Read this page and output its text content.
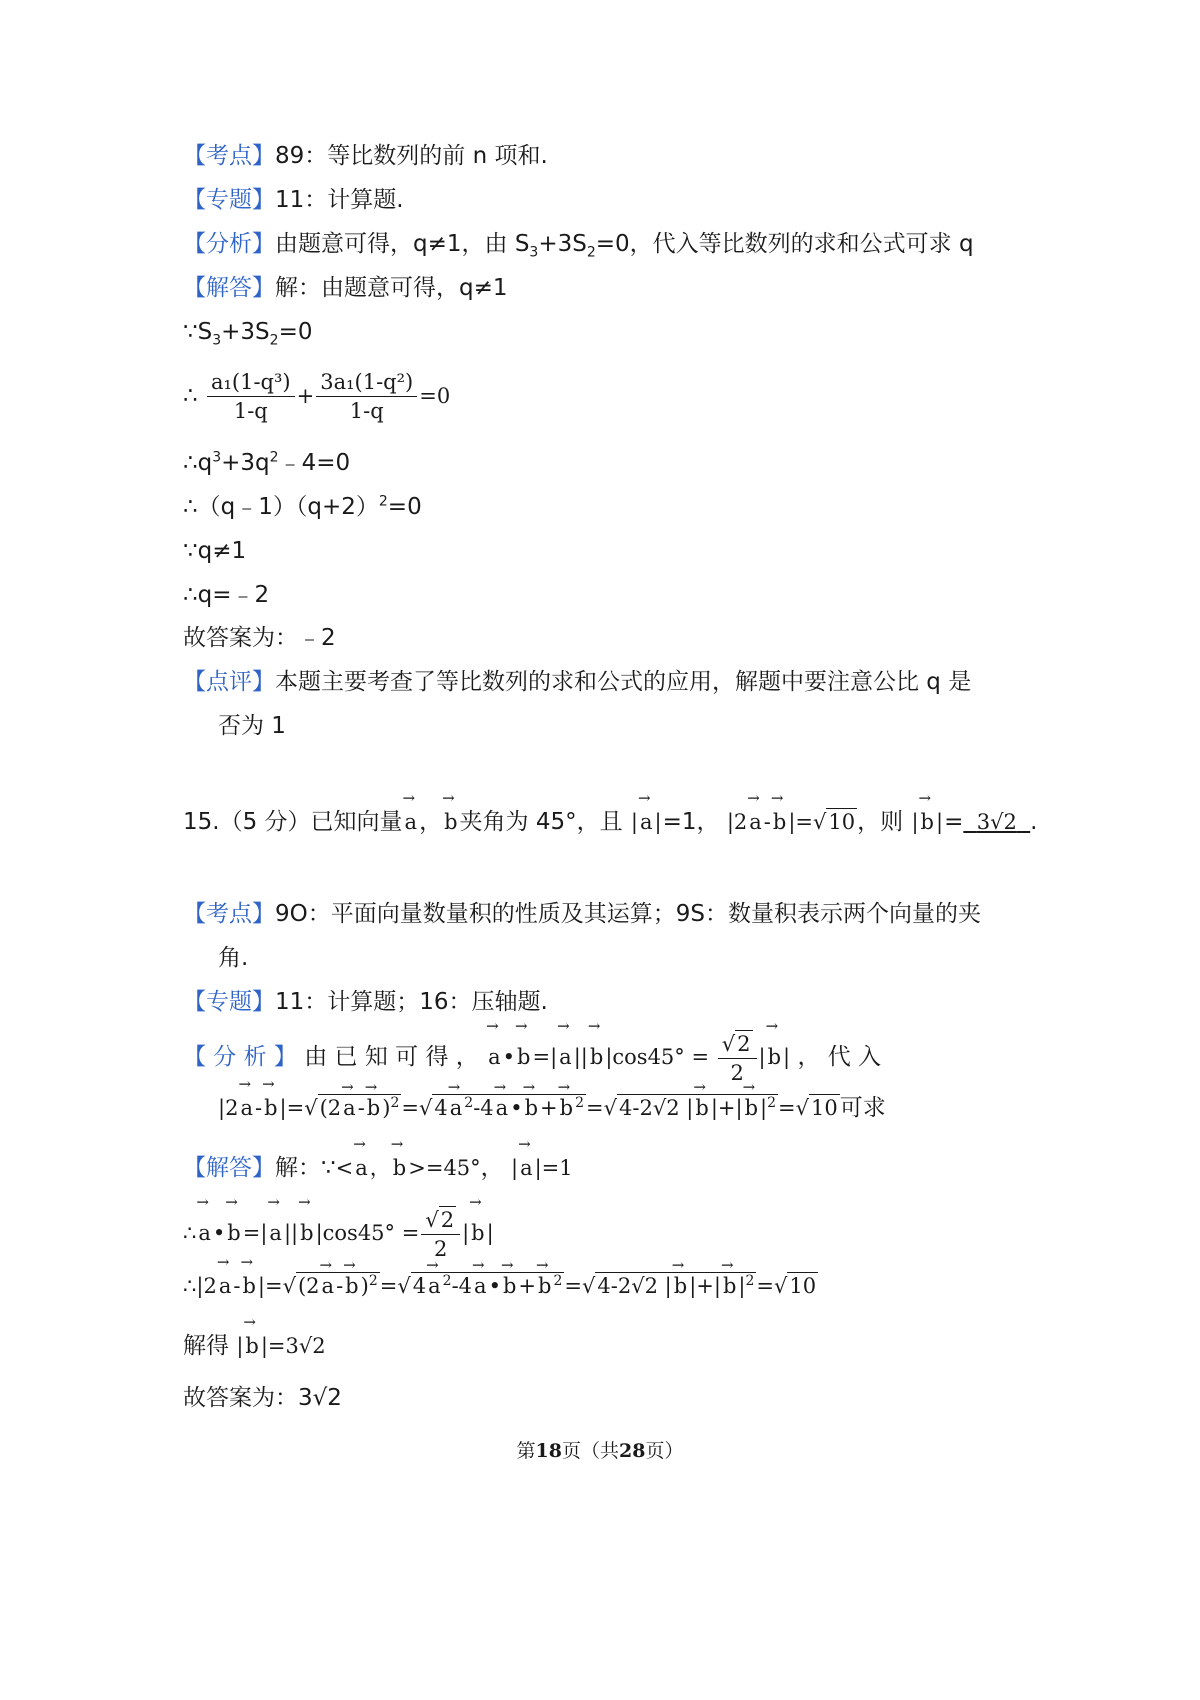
【考点】89：等比数列的前 n 项和.
【专题】11：计算题.
【分析】由题意可得，q≠1，由 $S_3+3S_2=0$，代入等比数列的求和公式可求 q
【解答】解：由题意可得，q≠1
$\because S_3+3S_2=0$
∴ $\frac{\text{a₁(1-q³)}}{1-q} + \frac{\text{3a₁(1-q²)}}{1-q} =0$
$\therefore q^3+3q^2﹣4=0$
$\therefore(q﹣1)(q+2)^2=0$
∵q≠1
∴q=﹣2
故答案为：﹣2
【点评】本题主要考查了等比数列的求和公式的应用，解题中要注意公比 q 是
否为 1
15.（5 分）已知向量→ a，→ b夹角为 45°，且 |→ a|=1， |2→ a-→ b|=√10，则 |→ b|= 3√2 .
【考点】9O：平面向量数量积的性质及其运算；9S：数量积表示两个向量的夹
角.
【专题】11：计算题；16：压轴题.
【 分 析 】 由 已 知 可 得 ， → a•→ $b=|\to a||\to b|\cos 45^\circ = \frac{√2}{2}$ |→ b| ， 代 入
$|2\to a-\to b|=√(2\to a-\to b)^2=√4\to a$ $^2$-4→ a•→ b+→ b $^2$=√4-2√2 |→ $b|+|\to b|^2=√10$可求
【解答】解：∵<→ a，→ b>=45°， |→ a|=1
∴→ a•→ $b=|\to a||\to b|\cos 45^\circ = \frac{√2}{2}$ |→ b|
∴|2→ $a-\to b|=√(2\to a-\to b)^2=√4\to a$ $^2$-4→ a•→ b+→ b $^2$=√4-2√2 |→ $b|+|\to b|^2=√10$
解得 |→ b|=3√2
故答案为：3√2
第18页（共28页）
